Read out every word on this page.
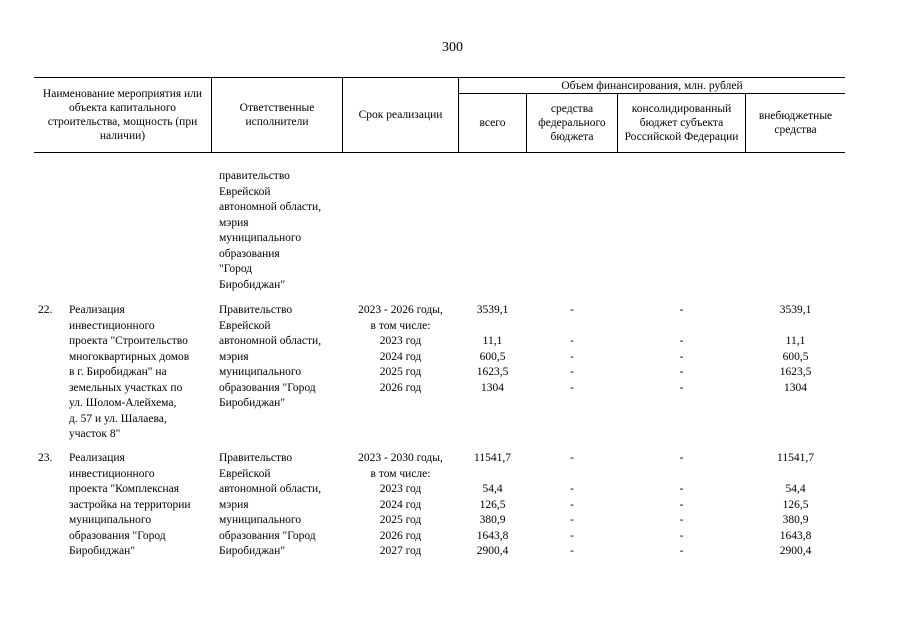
300
Наименование мероприятия или объекта капитального строительства, мощность (при наличии)
Ответственные исполнители
Срок реализации
Объем финансирования, млн. рублей
всего
средства федерального бюджета
консолидированный бюджет субъекта Российской Федерации
внебюджетные средства
правительство
Еврейской
автономной области,
мэрия
муниципального
образования
"Город
Биробиджан"
22. Реализация
инвестиционного
проекта "Строительство
многоквартирных домов
в г. Биробиджан" на
земельных участках по
ул. Шолом-Алейхема,
д. 57 и ул. Шалаева,
участок 8"
Правительство
Еврейской
автономной области,
мэрия
муниципального
образования "Город
Биробиджан"
2023 - 2026 годы,
в том числе:
2023 год
2024 год
2025 год
2026 год
3539,1
11,1
600,5
1623,5
1304
-
-
-
-
-
-
-
-
-
-
3539,1
11,1
600,5
1623,5
1304
23. Реализация
инвестиционного
проекта "Комплексная
застройка на территории
муниципального
образования "Город
Биробиджан"
Правительство
Еврейской
автономной области,
мэрия
муниципального
образования "Город
Биробиджан"
2023 - 2030 годы,
в том числе:
2023 год
2024 год
2025 год
2026 год
2027 год
11541,7
54,4
126,5
380,9
1643,8
2900,4
-
-
-
-
-
-
-
-
-
-
-
-
11541,7
54,4
126,5
380,9
1643,8
2900,4
